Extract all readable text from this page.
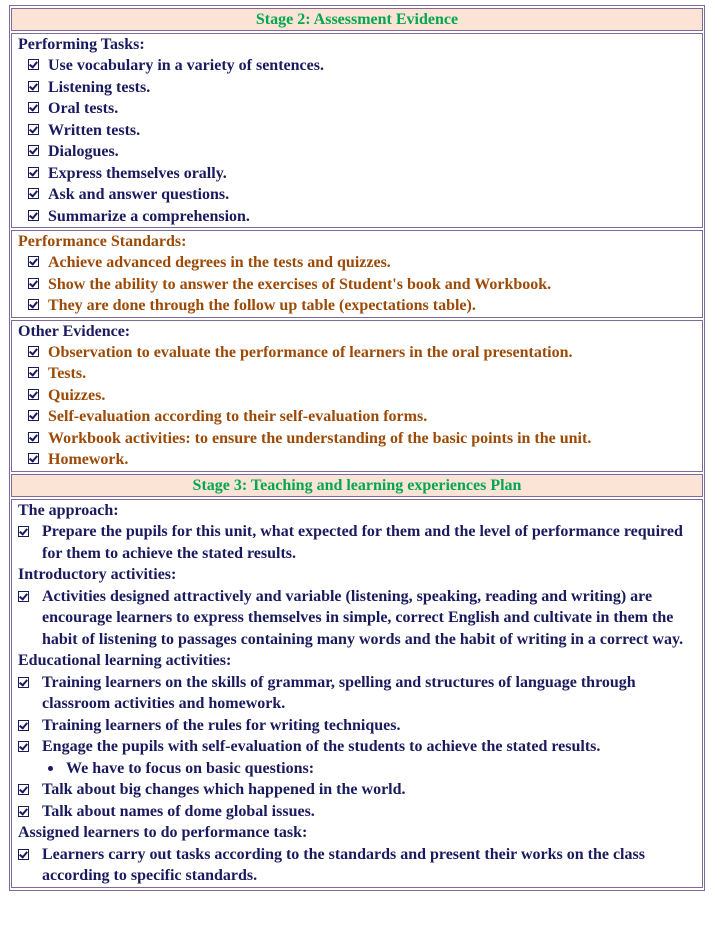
Stage 2: Assessment Evidence
Performing Tasks:
Use vocabulary in a variety of sentences.
Listening tests.
Oral tests.
Written tests.
Dialogues.
Express themselves orally.
Ask and answer questions.
Summarize a comprehension.
Performance Standards:
Achieve advanced degrees in the tests and quizzes.
Show the ability to answer the exercises of Student's book and Workbook.
They are done through the follow up table (expectations table).
Other Evidence:
Observation to evaluate the performance of learners in the oral presentation.
Tests.
Quizzes.
Self-evaluation according to their self-evaluation forms.
Workbook activities: to ensure the understanding of the basic points in the unit.
Homework.
Stage 3: Teaching and learning experiences Plan
The approach:
Prepare the pupils for this unit, what expected for them and the level of performance required for them to achieve the stated results.
Introductory activities:
Activities designed attractively and variable (listening, speaking, reading and writing) are encourage learners to express themselves in simple, correct English and cultivate in them the habit of listening to passages containing many words and the habit of writing in a correct way.
Educational learning activities:
Training learners on the skills of grammar, spelling and structures of language through classroom activities and homework.
Training learners of the rules for writing techniques.
Engage the pupils with self-evaluation of the students to achieve the stated results.
We have to focus on basic questions:
Talk about big changes which happened in the world.
Talk about names of dome global issues.
Assigned learners to do performance task:
Learners carry out tasks according to the standards and present their works on the class according to specific standards.
